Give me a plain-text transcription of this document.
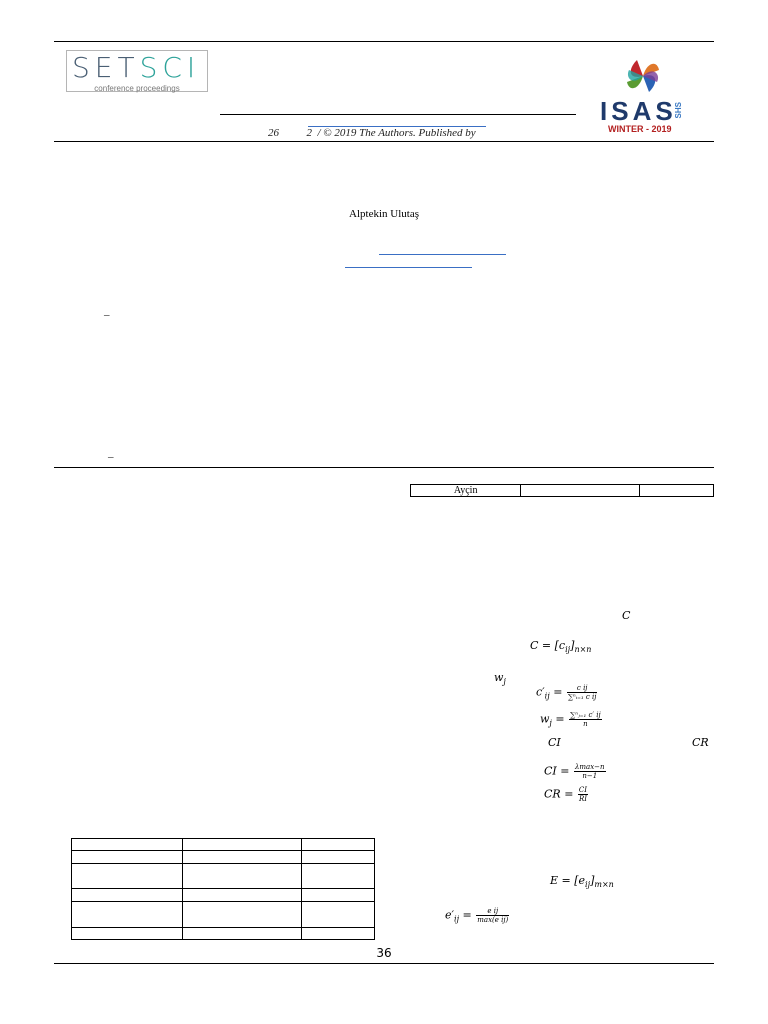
SETSCI
conference proceedings
ISAS
SHS
WINTER - 2019
26          2  / © 2019 The Authors. Published by
Alptekin Ulutaş
–
–
Ayçin		
C
$C = [c_{ij}]_{n\times n}$
$w_j$
$c'_{ij} = \frac{\text{c ij}}{\text{∑ⁿᵢ₌₁ c ij}}$
$w_j = \frac{\text{∑ⁿⱼ₌₁ c′ ij}}{n}$
CI	CR
CI = $\frac{\lambda\max-n}{n-1}$
CR = $\frac{CI}{RI}$
$E = [e_{ij}]_{m\times n}$
$e'_{ij} = \frac{\text{e ij}}{\text{max(e ij)}}$

36
